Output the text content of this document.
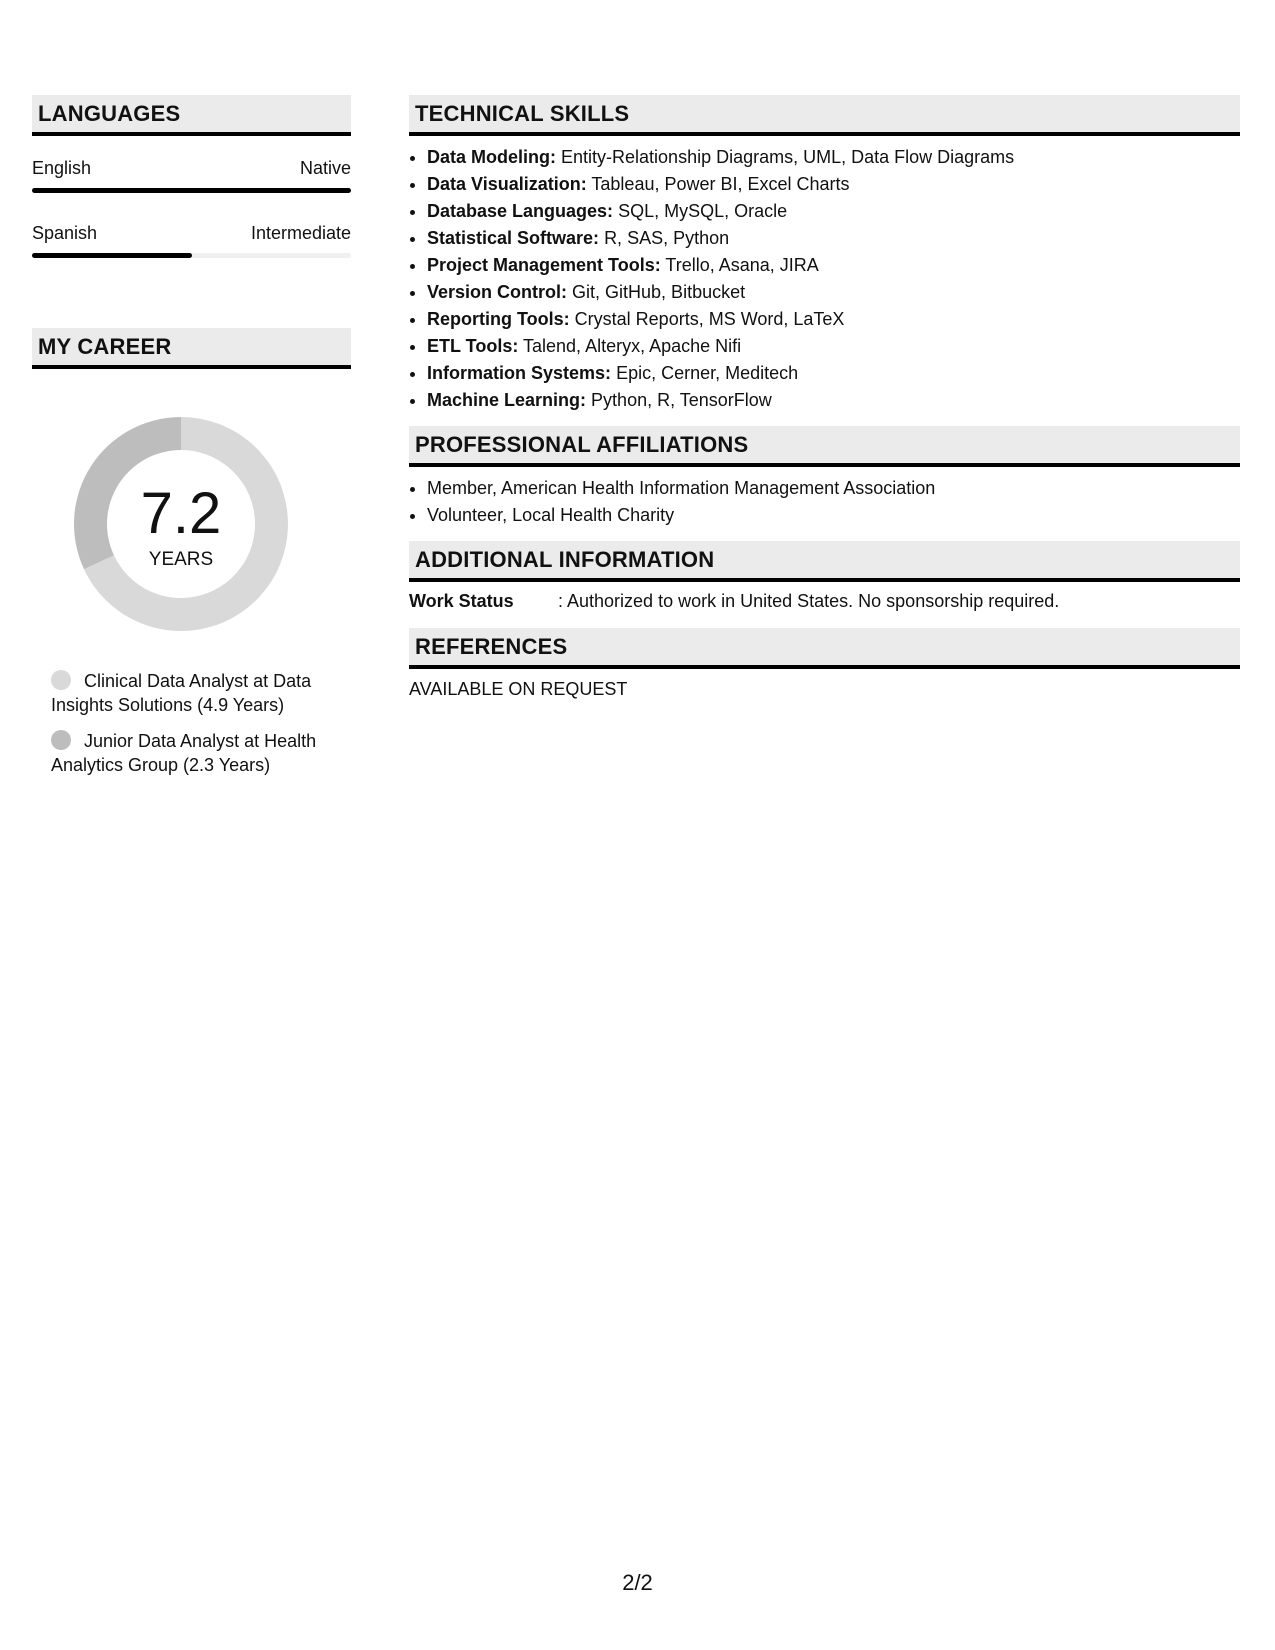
LANGUAGES
English	Native
Spanish	Intermediate
MY CAREER
7.2
YEARS
Clinical Data Analyst at Data Insights Solutions (4.9 Years)
Junior Data Analyst at Health Analytics Group (2.3 Years)
TECHNICAL SKILLS
• Data Modeling: Entity-Relationship Diagrams, UML, Data Flow Diagrams
• Data Visualization: Tableau, Power BI, Excel Charts
• Database Languages: SQL, MySQL, Oracle
• Statistical Software: R, SAS, Python
• Project Management Tools: Trello, Asana, JIRA
• Version Control: Git, GitHub, Bitbucket
• Reporting Tools: Crystal Reports, MS Word, LaTeX
• ETL Tools: Talend, Alteryx, Apache Nifi
• Information Systems: Epic, Cerner, Meditech
• Machine Learning: Python, R, TensorFlow
PROFESSIONAL AFFILIATIONS
• Member, American Health Information Management Association
• Volunteer, Local Health Charity
ADDITIONAL INFORMATION
Work Status	: Authorized to work in United States. No sponsorship required.
REFERENCES
AVAILABLE ON REQUEST
2/2
